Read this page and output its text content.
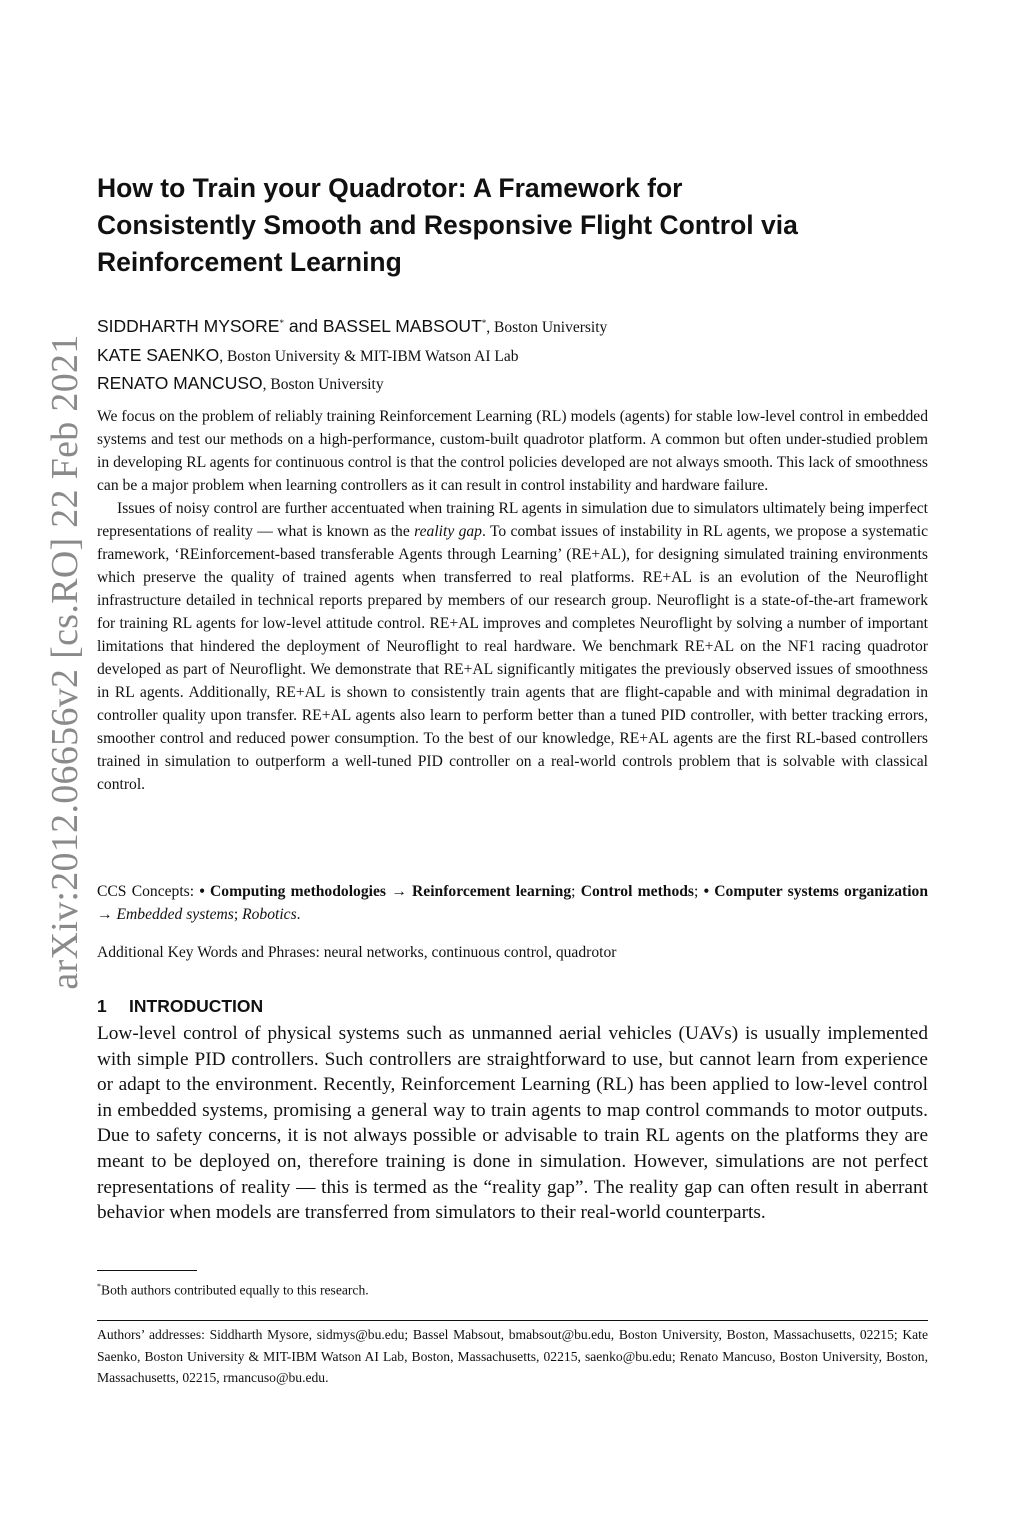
arXiv:2012.06656v2 [cs.RO] 22 Feb 2021
How to Train your Quadrotor: A Framework for
Consistently Smooth and Responsive Flight Control via
Reinforcement Learning
SIDDHARTH MYSORE* and BASSEL MABSOUT*, Boston University
KATE SAENKO, Boston University & MIT-IBM Watson AI Lab
RENATO MANCUSO, Boston University

We focus on the problem of reliably training Reinforcement Learning (RL) models (agents) for stable low-level control in embedded systems and test our methods on a high-performance, custom-built quadrotor platform. A common but often under-studied problem in developing RL agents for continuous control is that the control policies developed are not always smooth. This lack of smoothness can be a major problem when learning controllers as it can result in control instability and hardware failure.

Issues of noisy control are further accentuated when training RL agents in simulation due to simulators ultimately being imperfect representations of reality — what is known as the reality gap. To combat issues of instability in RL agents, we propose a systematic framework, ‘REinforcement-based transferable Agents through Learning’ (RE+AL), for designing simulated training environments which preserve the quality of trained agents when transferred to real platforms. RE+AL is an evolution of the Neuroflight infrastructure detailed in technical reports prepared by members of our research group. Neuroflight is a state-of-the-art framework for training RL agents for low-level attitude control. RE+AL improves and completes Neuroflight by solving a number of important limitations that hindered the deployment of Neuroflight to real hardware. We benchmark RE+AL on the NF1 racing quadrotor developed as part of Neuroflight. We demonstrate that RE+AL significantly mitigates the previously observed issues of smoothness in RL agents. Additionally, RE+AL is shown to consistently train agents that are flight-capable and with minimal degradation in controller quality upon transfer. RE+AL agents also learn to perform better than a tuned PID controller, with better tracking errors, smoother control and reduced power consumption. To the best of our knowledge, RE+AL agents are the first RL-based controllers trained in simulation to outperform a well-tuned PID controller on a real-world controls problem that is solvable with classical control.

CCS Concepts: • Computing methodologies → Reinforcement learning; Control methods; • Computer systems organization → Embedded systems; Robotics.

Additional Key Words and Phrases: neural networks, continuous control, quadrotor

1 INTRODUCTION

Low-level control of physical systems such as unmanned aerial vehicles (UAVs) is usually implemented with simple PID controllers. Such controllers are straightforward to use, but cannot learn from experience or adapt to the environment. Recently, Reinforcement Learning (RL) has been applied to low-level control in embedded systems, promising a general way to train agents to map control commands to motor outputs. Due to safety concerns, it is not always possible or advisable to train RL agents on the platforms they are meant to be deployed on, therefore training is done in simulation. However, simulations are not perfect representations of reality — this is termed as the “reality gap”. The reality gap can often result in aberrant behavior when models are transferred from simulators to their real-world counterparts.

*Both authors contributed equally to this research.

Authors’ addresses: Siddharth Mysore, sidmys@bu.edu; Bassel Mabsout, bmabsout@bu.edu, Boston University, Boston, Massachusetts, 02215; Kate Saenko, Boston University & MIT-IBM Watson AI Lab, Boston, Massachusetts, 02215, saenko@bu.edu; Renato Mancuso, Boston University, Boston, Massachusetts, 02215, rmancuso@bu.edu.
